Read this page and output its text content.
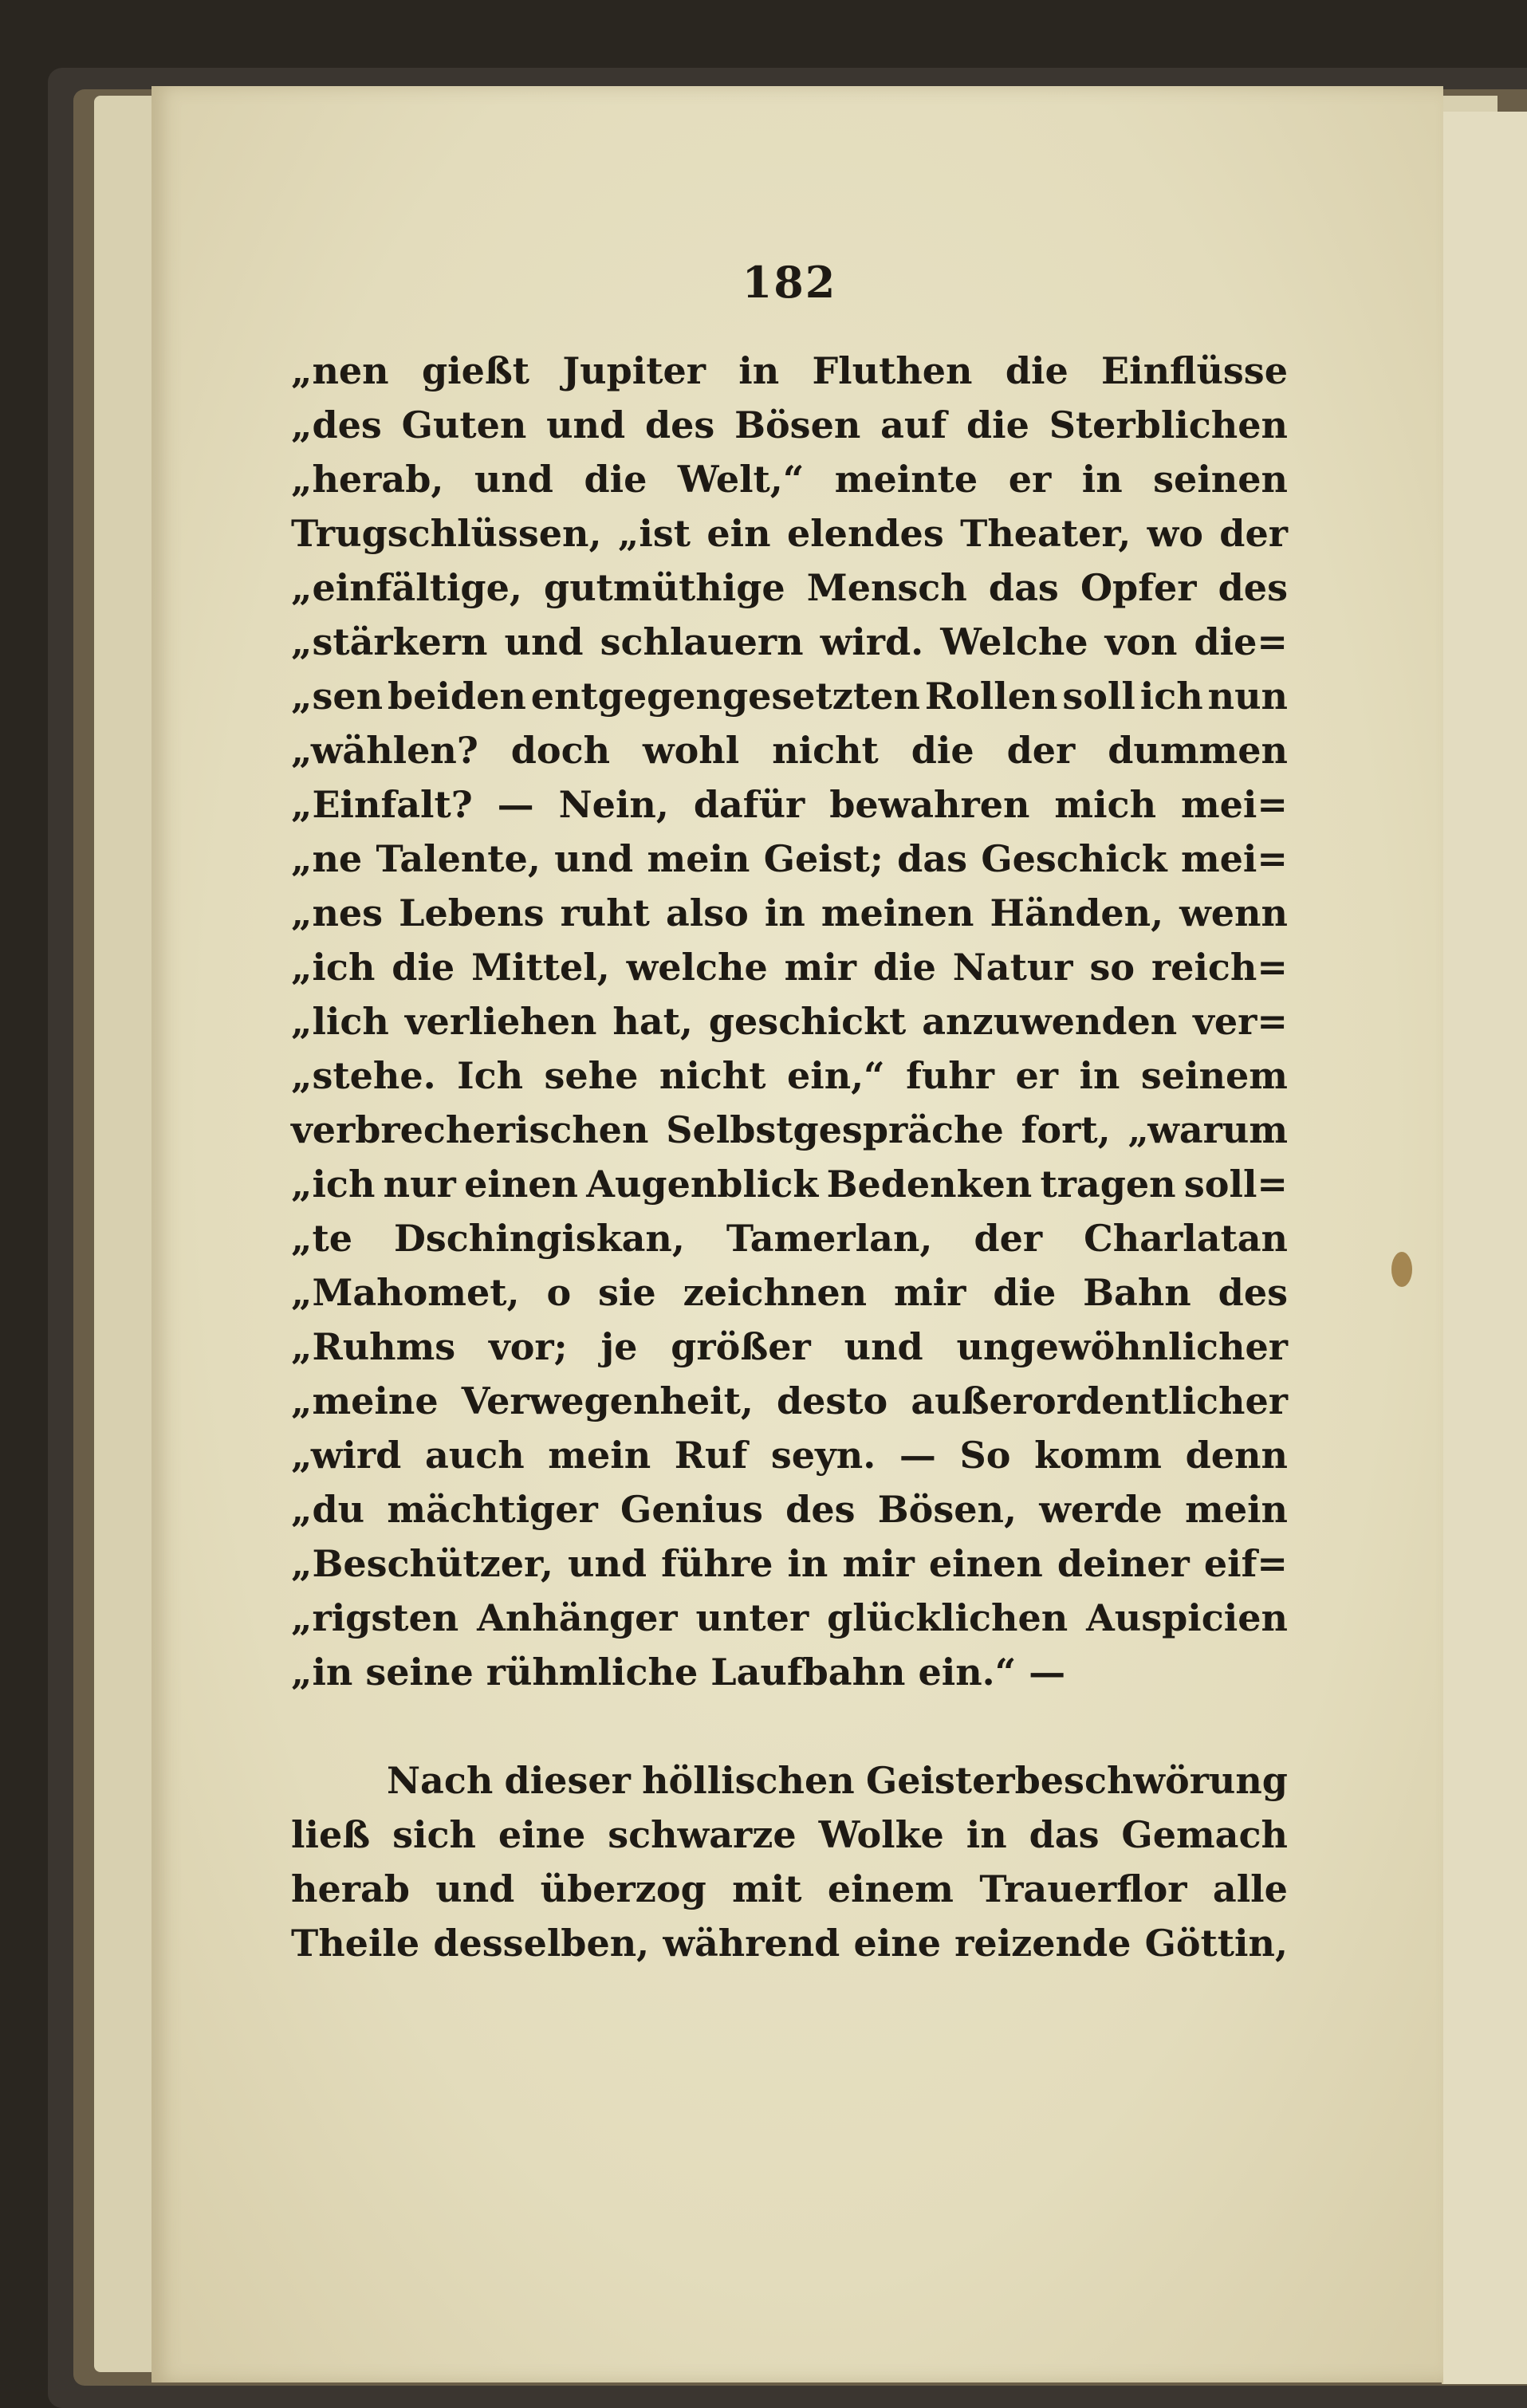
182
„nen gießt Jupiter in Fluthen die Einflüsse
„des Guten und des Bösen auf die Sterblichen
„herab, und die Welt,“ meinte er in seinen
Trugschlüssen, „ist ein elendes Theater, wo der
„einfältige, gutmüthige Mensch das Opfer des
„stärkern und schlauern wird. Welche von die=
„sen beiden entgegengesetzten Rollen soll ich nun
„wählen? doch wohl nicht die der dummen
„Einfalt? — Nein, dafür bewahren mich mei=
„ne Talente, und mein Geist; das Geschick mei=
„nes Lebens ruht also in meinen Händen, wenn
„ich die Mittel, welche mir die Natur so reich=
„lich verliehen hat, geschickt anzuwenden ver=
„stehe. Ich sehe nicht ein,“ fuhr er in seinem
verbrecherischen Selbstgespräche fort, „warum
„ich nur einen Augenblick Bedenken tragen soll=
„te Dschingiskan, Tamerlan, der Charlatan
„Mahomet, o sie zeichnen mir die Bahn des
„Ruhms vor; je größer und ungewöhnlicher
„meine Verwegenheit, desto außerordentlicher
„wird auch mein Ruf seyn. — So komm denn
„du mächtiger Genius des Bösen, werde mein
„Beschützer, und führe in mir einen deiner eif=
„rigsten Anhänger unter glücklichen Auspicien
„in seine rühmliche Laufbahn ein.“ —
Nach dieser höllischen Geisterbeschwörung
ließ sich eine schwarze Wolke in das Gemach
herab und überzog mit einem Trauerflor alle
Theile desselben, während eine reizende Göttin,
